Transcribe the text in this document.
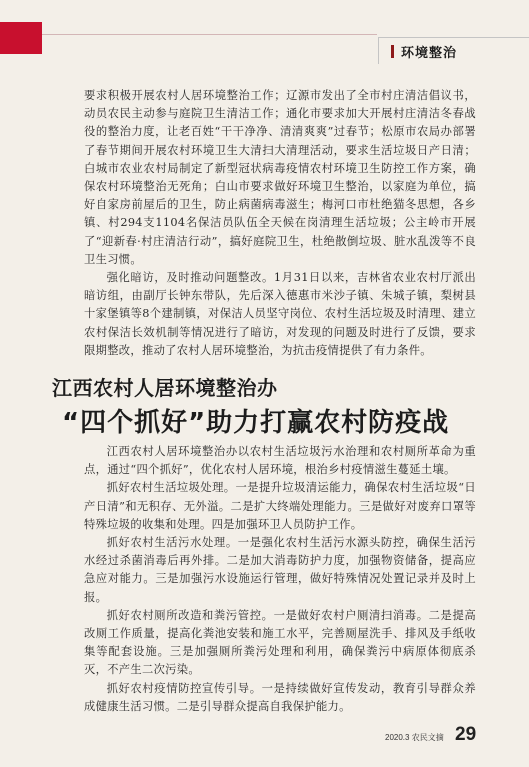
环境整治

要求积极开展农村人居环境整治工作；辽源市发出了全市村庄清洁倡议书，动员农民主动参与庭院卫生清洁工作；通化市要求加大开展村庄清洁冬春战役的整治力度，让老百姓“干干净净、清清爽爽”过春节；松原市农局办部署了春节期间开展农村环境卫生大清扫大清理活动，要求生活垃圾日产日清；白城市农业农村局制定了新型冠状病毒疫情农村环境卫生防控工作方案，确保农村环境整治无死角；白山市要求做好环境卫生整治，以家庭为单位，搞好自家房前屋后的卫生，防止病菌病毒滋生；梅河口市杜绝猫冬思想，各乡镇、村294支1104名保洁员队伍全天候在岗清理生活垃圾；公主岭市开展了“迎新春·村庄清洁行动”，搞好庭院卫生，杜绝散倒垃圾、脏水乱泼等不良卫生习惯。

强化暗访，及时推动问题整改。1月31日以来，吉林省农业农村厅派出暗访组，由副厅长钟东带队，先后深入德惠市米沙子镇、朱城子镇，梨树县十家堡镇等8个建制镇，对保洁人员坚守岗位、农村生活垃圾及时清理、建立农村保洁长效机制等情况进行了暗访，对发现的问题及时进行了反馈，要求限期整改，推动了农村人居环境整治，为抗击疫情提供了有力条件。

江西农村人居环境整治办
“四个抓好”助力打赢农村防疫战

江西农村人居环境整治办以农村生活垃圾污水治理和农村厕所革命为重点，通过“四个抓好”，优化农村人居环境，根治乡村疫情滋生蔓延土壤。

抓好农村生活垃圾处理。一是提升垃圾清运能力，确保农村生活垃圾“日产日清”和无积存、无外溢。二是扩大终端处理能力。三是做好对废弃口罩等特殊垃圾的收集和处理。四是加强环卫人员防护工作。

抓好农村生活污水处理。一是强化农村生活污水源头防控，确保生活污水经过杀菌消毒后再外排。二是加大消毒防护力度，加强物资储备，提高应急应对能力。三是加强污水设施运行管理，做好特殊情况处置记录并及时上报。

抓好农村厕所改造和粪污管控。一是做好农村户厕清扫消毒。二是提高改厕工作质量，提高化粪池安装和施工水平，完善厕屋洗手、排风及手纸收集等配套设施。三是加强厕所粪污处理和利用，确保粪污中病原体彻底杀灭，不产生二次污染。

抓好农村疫情防控宣传引导。一是持续做好宣传发动，教育引导群众养成健康生活习惯。二是引导群众提高自我保护能力。

2020.3 农民文摘 29
